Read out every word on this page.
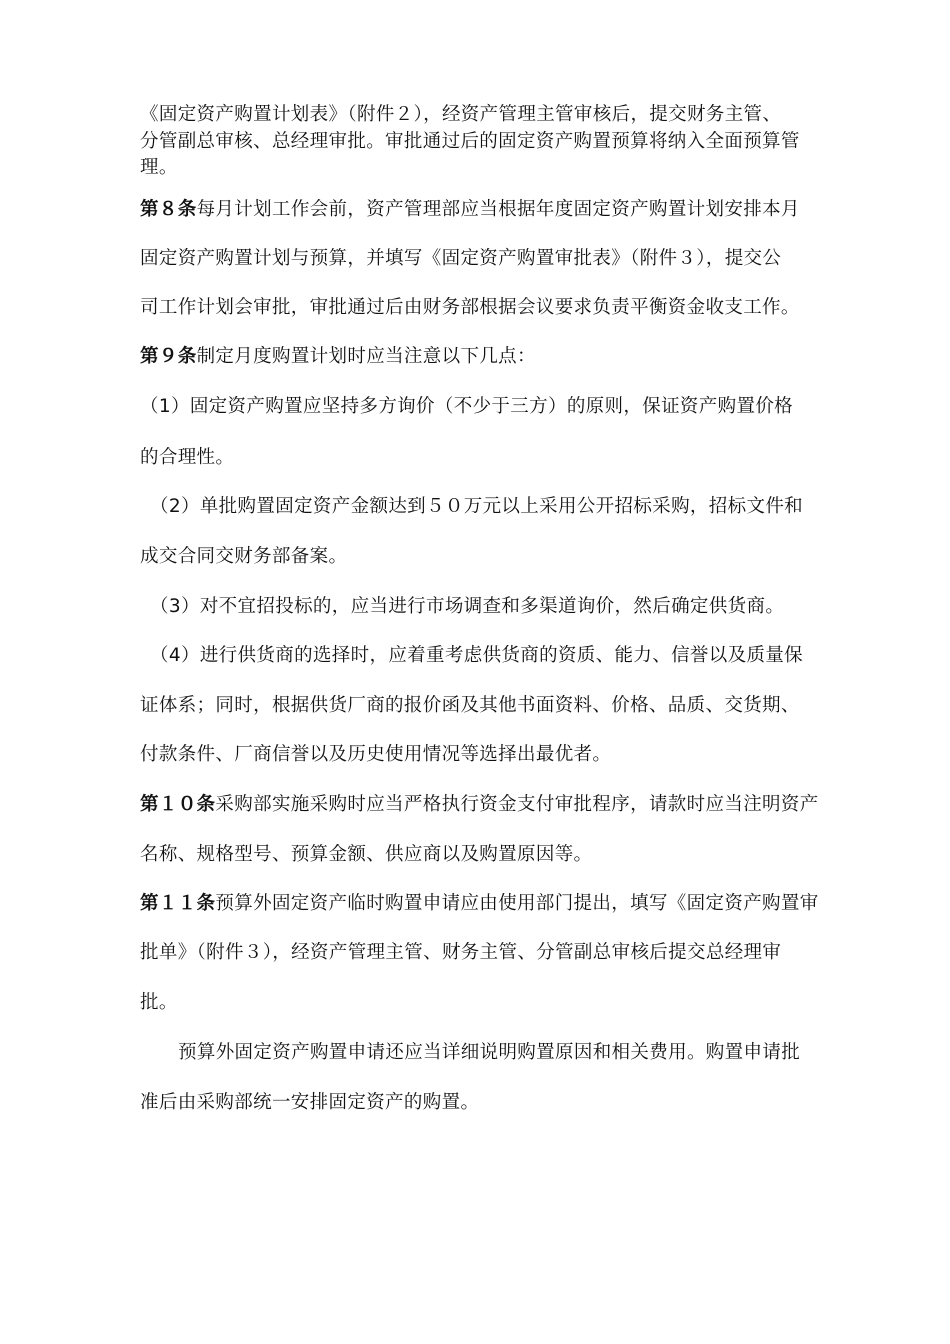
《固定资产购置计划表》（附件２），经资产管理主管审核后，提交财务主管、
分管副总审核、总经理审批。审批通过后的固定资产购置预算将纳入全面预算管
理。
第８条每月计划工作会前，资产管理部应当根据年度固定资产购置计划安排本月
固定资产购置计划与预算，并填写《固定资产购置审批表》（附件３），提交公
司工作计划会审批，审批通过后由财务部根据会议要求负责平衡资金收支工作。
第９条制定月度购置计划时应当注意以下几点：
（1）固定资产购置应坚持多方询价（不少于三方）的原则，保证资产购置价格
的合理性。
（2）单批购置固定资产金额达到５０万元以上采用公开招标采购，招标文件和
成交合同交财务部备案。
（3）对不宜招投标的，应当进行市场调查和多渠道询价，然后确定供货商。
（4）进行供货商的选择时，应着重考虑供货商的资质、能力、信誉以及质量保
证体系；同时，根据供货厂商的报价函及其他书面资料、价格、品质、交货期、
付款条件、厂商信誉以及历史使用情况等选择出最优者。
第１０条采购部实施采购时应当严格执行资金支付审批程序，请款时应当注明资产
名称、规格型号、预算金额、供应商以及购置原因等。
第１１条预算外固定资产临时购置申请应由使用部门提出，填写《固定资产购置审
批单》（附件３），经资产管理主管、财务主管、分管副总审核后提交总经理审
批。
预算外固定资产购置申请还应当详细说明购置原因和相关费用。购置申请批
准后由采购部统一安排固定资产的购置。
